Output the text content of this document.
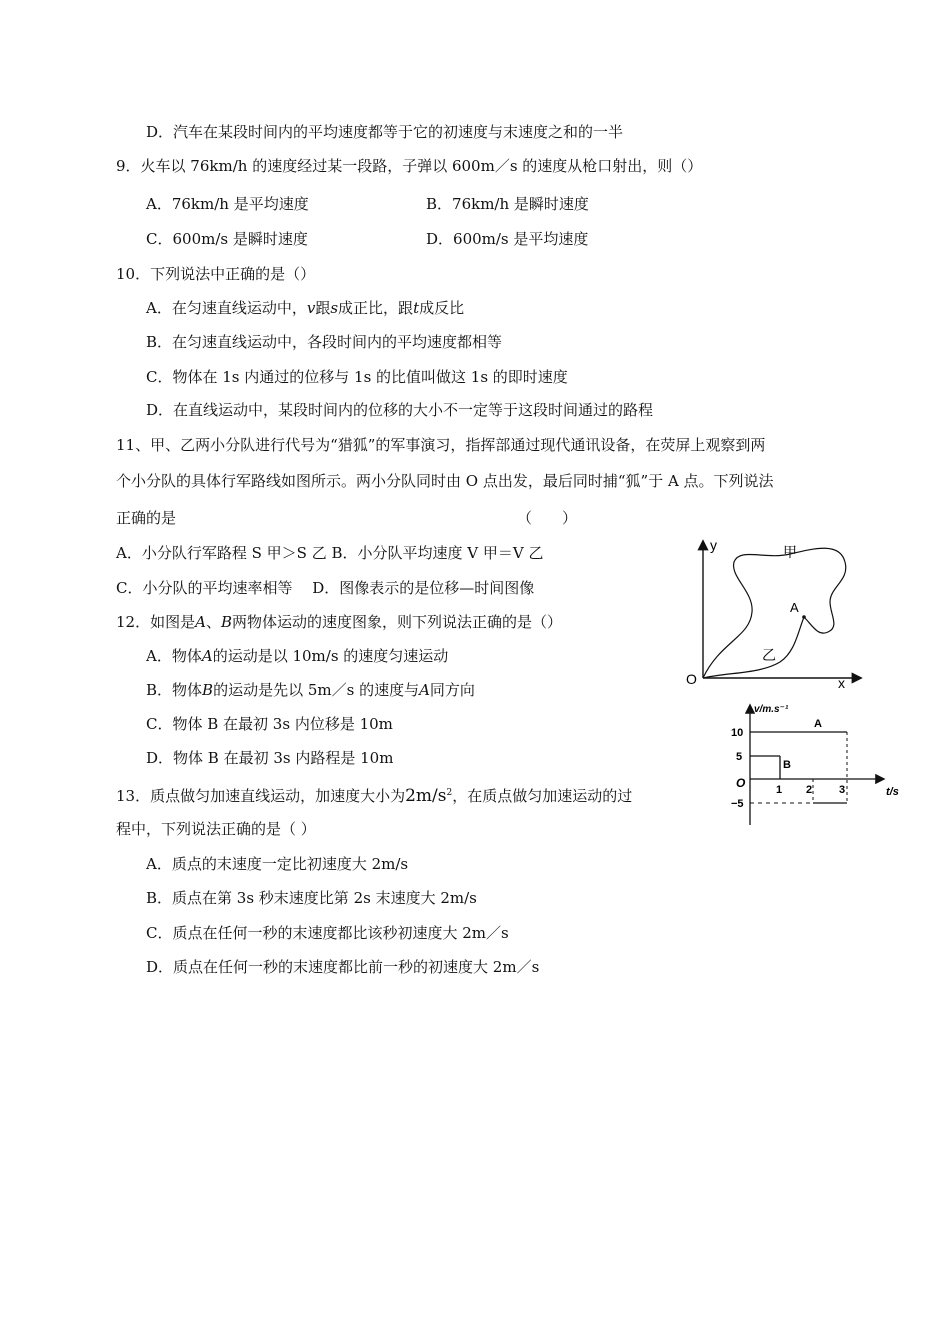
D．汽车在某段时间内的平均速度都等于它的初速度与末速度之和的一半
9．火车以 76km/h 的速度经过某一段路，子弹以 600m／s 的速度从枪口射出，则（）
A．76km/h 是平均速度	B．76km/h 是瞬时速度
C．600m/s 是瞬时速度	D．600m/s 是平均速度
10．下列说法中正确的是（）
A．在匀速直线运动中，v跟s成正比，跟t成反比
B．在匀速直线运动中，各段时间内的平均速度都相等
C．物体在 1s 内通过的位移与 1s 的比值叫做这 1s 的即时速度
D．在直线运动中，某段时间内的位移的大小不一定等于这段时间通过的路程
11、甲、乙两小分队进行代号为“猎狐”的军事演习，指挥部通过现代通讯设备，在荧屏上观察到两
个小分队的具体行军路线如图所示。两小分队同时由 O 点出发，最后同时捕“狐”于 A 点。下列说法
正确的是	（　　）
A．小分队行军路程 S 甲＞S 乙 B．小分队平均速度 V 甲＝V 乙
C．小分队的平均速率相等　 D．图像表示的是位移—时间图像
12．如图是A、B两物体运动的速度图象，则下列说法正确的是（）
A．物体A的运动是以 10m/s 的速度匀速运动
B．物体B的运动是先以 5m／s 的速度与A同方向
C．物体 B 在最初 3s 内位移是 10m
D．物体 B 在最初 3s 内路程是 10m
13．质点做匀加速直线运动，加速度大小为$2m/s^2$，在质点做匀加速运动的过
程中，下列说法正确的是（ ）
A．质点的末速度一定比初速度大 2m/s
B．质点在第 3s 秒末速度比第 2s 末速度大 2m/s
C．质点在任何一秒的末速度都比该秒初速度大 2m／s
D．质点在任何一秒的末速度都比前一秒的初速度大 2m／s
y
x
O
甲
乙
A
v/m.s⁻¹
t/s
O
10
5
−5
1 2 3
A
B
